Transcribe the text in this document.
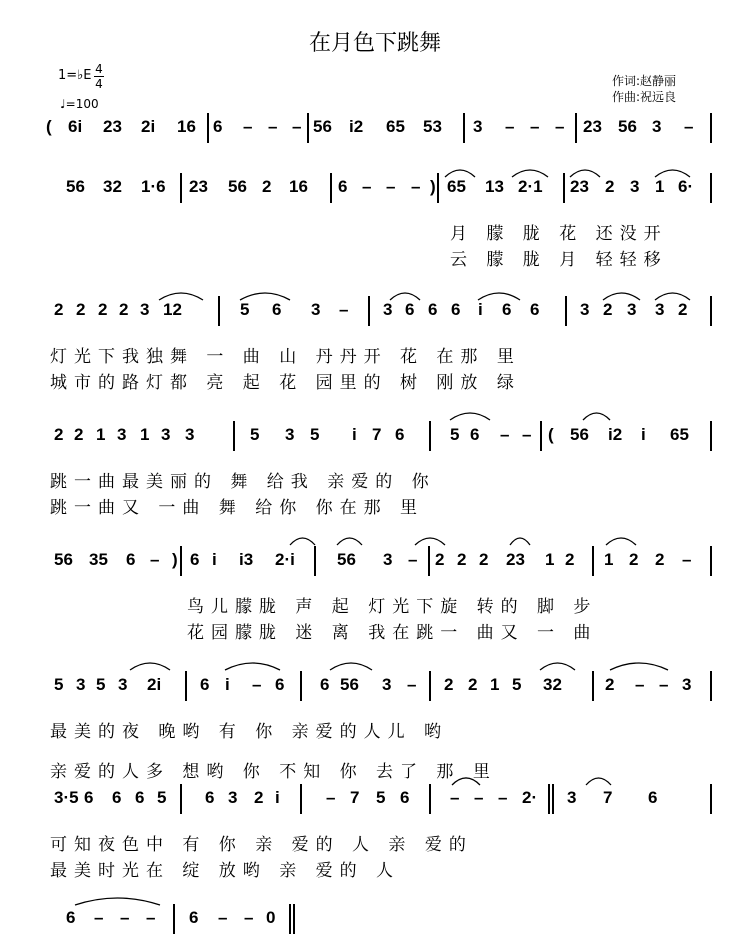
在月色下跳舞
1=♭E 4
4
♩=100
作词:赵静丽
作曲:祝远良
( 6i 23 2i 16 6 – – – 56 i2 65 53 3 – – – 23 56 3 –
56 32 1·6 23 56 2 16 6 – – – ) 65 13 2·1 23 2 3 1 6·
月 朦 胧 花 还没开
云 朦 胧 月 轻轻移
2 2 2 2 3 12	5 6 3 – 3 6 6 6 i 6 6 3 2 3 3 2
灯光下我独舞 一 曲 山 丹丹开 花 在那 里
城市的路灯都 亮 起 花 园里的 树 刚放 绿
2 2 1 3 1 3 3	5 3 5 i 7 6	5 6 – – ( 56 i2 i 65
跳一曲最美丽的 舞 给我 亲爱的 你
跳一曲又 一曲 舞 给你 你在那 里
56 35 6 – ) 6 i i3 2·i 56 3 – 2 2 2 23 1 2 1 2 2 –
鸟儿朦胧 声 起 灯光下旋 转的 脚 步
花园朦胧 迷 离 我在跳一 曲又 一 曲
5 3 5 3 2i 6 i – 6 6 56 3 – 2 2 1 5 32	2 – – 3
最美的夜 晚哟 有 你 亲爱的人儿 哟
亲爱的人多 想哟 你 不知 你 去了 那 里
3·5 6 6 6 5 6 3 2 i	– 7 5 6 – – – 2· 3 7 6
可知夜色中 有 你 亲 爱的 人 亲 爱的
最美时光在 绽 放哟 亲 爱的 人
6 – – – 6 – – 0
